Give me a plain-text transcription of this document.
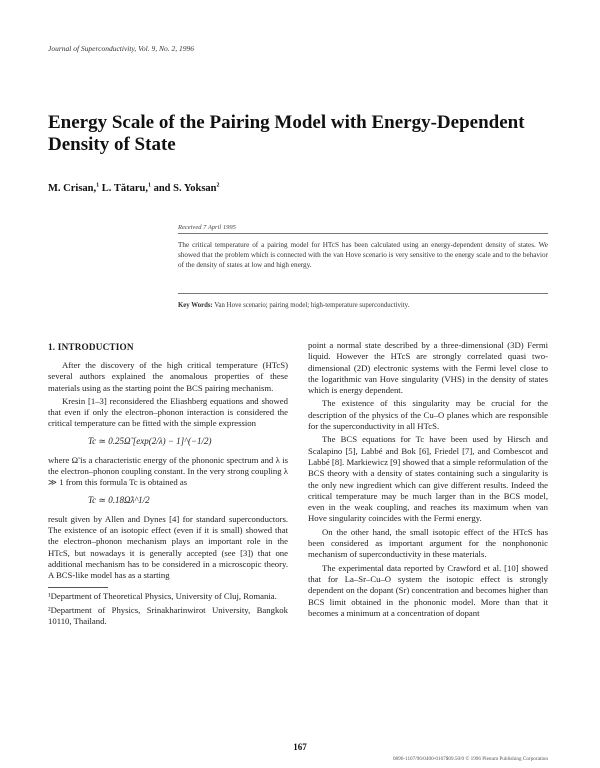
Journal of Superconductivity, Vol. 9, No. 2, 1996
Energy Scale of the Pairing Model with Energy-Dependent Density of State
M. Crisan,$^1$ L. Tătaru,$^1$ and S. Yoksan$^2$
Received 7 April 1995

The critical temperature of a pairing model for HTcS has been calculated using an energy-dependent density of states. We showed that the problem which is connected with the van Hove scenario is very sensitive to the energy scale and to the behavior of the density of states at low and high energy.

Key Words: Van Hove scenario; pairing model; high-temperature superconductivity.
1. INTRODUCTION

After the discovery of the high critical temperature (HTcS) several authors explained the anomalous properties of these materials using as the starting point the BCS pairing mechanism.

Kresin [1–3] reconsidered the Eliashberg equations and showed that even if only the electron–phonon interaction is considered the critical temperature can be fitted with the simple expression

Tc ≃ 0.25Ω̃ [exp(2/λ) − 1]^(−1/2)

where Ω̃ is a characteristic energy of the phononic spectrum and λ is the electron–phonon coupling constant. In the very strong coupling λ ≫ 1 from this formula Tc is obtained as

Tc ≃ 0.18Ω̃λ^1/2

result given by Allen and Dynes [4] for standard superconductors. The existence of an isotopic effect (even if it is small) showed that the electron–phonon mechanism plays an important role in the HTcS, but nowadays it is generally accepted (see [3]) that one additional mechanism has to be considered in a microscopic theory. A BCS-like model has as a starting

¹Department of Theoretical Physics, University of Cluj, Romania.

²Department of Physics, Srinakharinwirot University, Bangkok 10110, Thailand.

point a normal state described by a three-dimensional (3D) Fermi liquid. However the HTcS are strongly correlated quasi two-dimensional (2D) electronic systems with the Fermi level close to the logarithmic van Hove singularity (VHS) in the density of states which is energy dependent.

The existence of this singularity may be crucial for the description of the physics of the Cu–O planes which are responsible for the superconductivity in all HTcS.

The BCS equations for Tc have been used by Hirsch and Scalapino [5], Labbé and Bok [6], Friedel [7], and Combescot and Labbé [8]. Markiewicz [9] showed that a simple reformulation of the BCS theory with a density of states containing such a singularity is the only new ingredient which can give different results. Indeed the critical temperature may be much larger than in the BCS model, even in the weak coupling, and reaches its maximum when van Hove singularity coincides with the Fermi energy.

On the other hand, the small isotopic effect of the HTcS has been considered as important argument for the nonphononic mechanism of superconductivity in these materials.

The experimental data reported by Crawford et al. [10] showed that for La–Sr–Cu–O system the isotopic effect is strongly dependent on the dopant (Sr) concentration and becomes higher than BCS limit obtained in the phononic model. More than that it becomes a minimum at a concentration of dopant

167
0896-1107/96/0400-0167$09.50/0 © 1996 Plenum Publishing Corporation
